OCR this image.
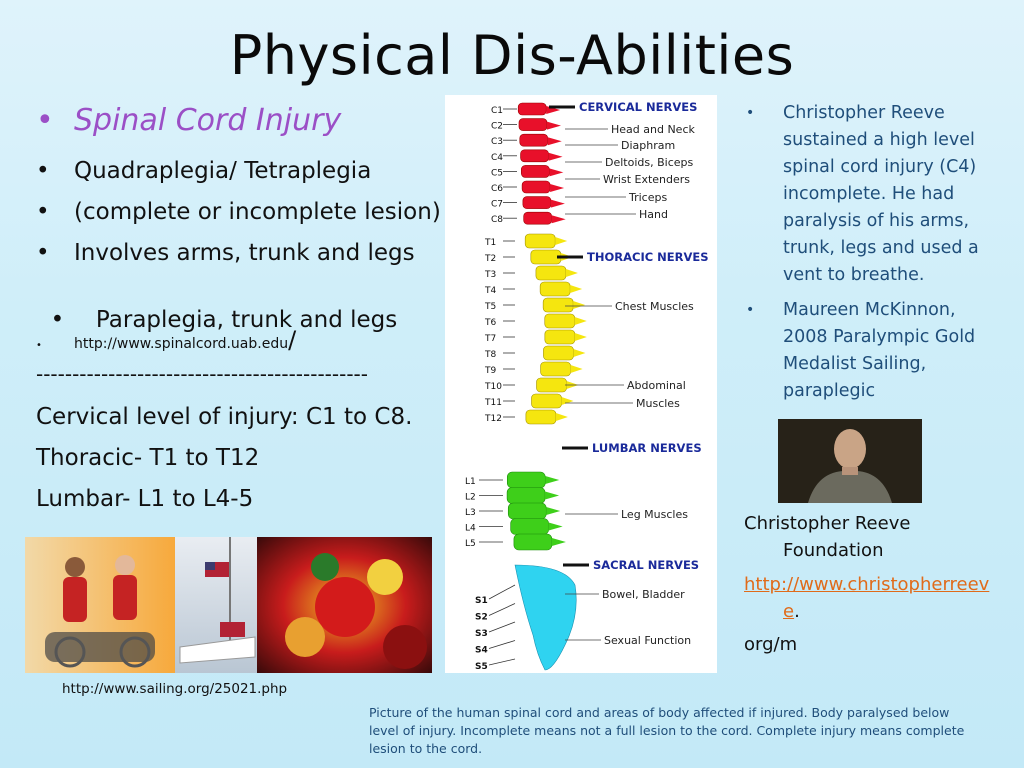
Physical Dis-Abilities
• Spinal Cord Injury
• Quadraplegia/ Tetraplegia
• (complete or incomplete lesion)
• Involves arms, trunk and legs

• Paraplegia, trunk and legs

• http://www.spinalcord.uab.edu/
----------------------------------------------
Cervical level of injury: C1 to C8.
Thoracic- T1 to T12
Lumbar- L1 to L4-5
C1
C2
C3
C4
C5
C6
C7
C8
T1
T2
T3
T4
T5
T6
T7
T8
T9
T10
T11
T12
L1
L2
L3
L4
L5
S1
S2
S3
S4
S5
CERVICAL NERVES
THORACIC NERVES
LUMBAR NERVES
SACRAL NERVES
Head and Neck
Diaphram
Deltoids, Biceps
Wrist Extenders
Triceps
Hand
Chest Muscles
Abdominal
Muscles
Leg Muscles
Bowel, Bladder
Sexual Function
http://www.sailing.org/25021.php
• Christopher Reeve sustained a high level spinal cord injury (C4) incomplete. He had paralysis of his arms, trunk, legs and used a vent to breathe.
• Maureen McKinnon, 2008 Paralympic Gold Medalist Sailing, paraplegic
Christopher Reeve
Foundation
http://www.christopherreev
e.
org/m
Picture of the human spinal cord and areas of body affected if injured. Body paralysed below level of injury. Incomplete means not a full lesion to the cord. Complete injury means complete lesion to the cord.
